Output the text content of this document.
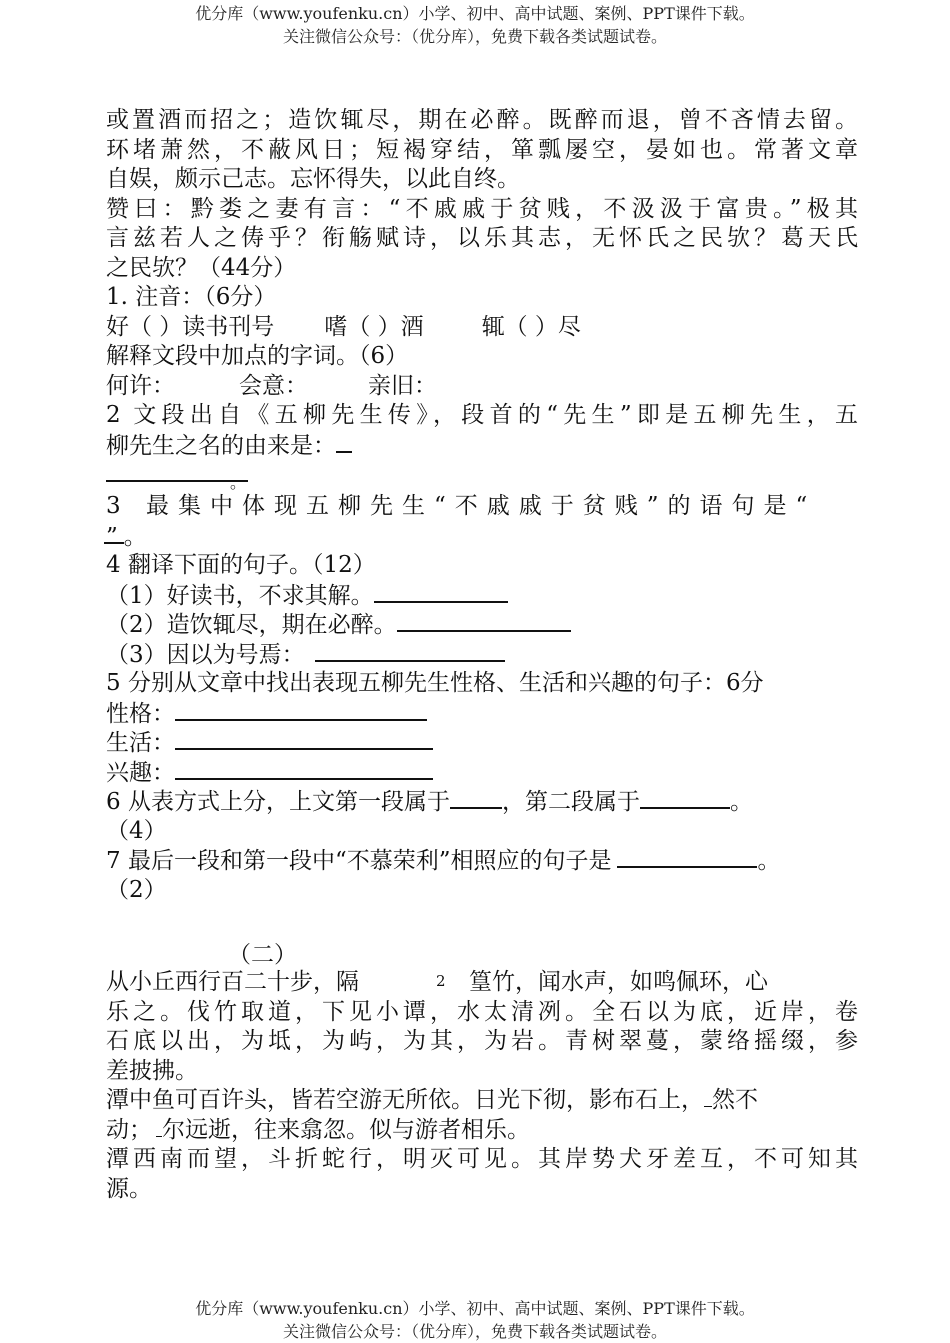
优分库（www.youfenku.cn）小学、初中、高中试题、案例、PPT课件下载。
关注微信公众号：（优分库），免费下载各类试题试卷。
或置酒而招之；造饮辄尽，期在必醉。既醉而退，曾不吝情去留。
环堵萧然，不蔽风日；短褐穿结，箪瓢屡空，晏如也。常著文章
自娱，颇示己志。忘怀得失，以此自终。
赞曰：黔娄之妻有言：“不戚戚于贫贱，不汲汲于富贵。”极其
言兹若人之俦乎？衔觞赋诗，以乐其志，无怀氏之民欤？葛天氏
之民欤？（44分）
1. 注音：（6分）
好（ ）读书刊号 嗜（ ）酒	辄（ ）尽
解释文段中加点的字词。（6）
何许：	会意：	亲旧：
2 文段出自《五柳先生传》，段首的“先生”即是五柳先生，五
柳先生之名的由来是：
$_。$
3 最集中体现五柳先生“不戚戚于贫贱”的语句是“
” 。
4 翻译下面的句子。（12）
（1）好读书，不求其解。
（2）造饮辄尽，期在必醉。
（3）因以为号焉：
5 分别从文章中找出表现五柳先生性格、生活和兴趣的句子：6分
性格：
生活：
兴趣：
6 从表方式上分，上文第一段属于 ，第二段属于	。
（4）
7 最后一段和第一段中“不慕荣利”相照应的句子是	。
（2）
（二）
从小丘西行百二十步，隔	篁竹，闻水声，如鸣佩环，心
乐之。伐竹取道，下见小谭，水太清冽。全石以为底，近岸，卷
石底以出，为坻，为屿，为其，为岩。青树翠蔓，蒙络摇缀，参
差披拂。
潭中鱼可百许头，皆若空游无所依。日光下彻，影布石上， 然不
动； 尔远逝，往来翕忽。似与游者相乐。
潭西南而望，斗折蛇行，明灭可见。其岸势犬牙差互，不可知其
源。
2
优分库（www.youfenku.cn）小学、初中、高中试题、案例、PPT课件下载。
关注微信公众号：（优分库），免费下载各类试题试卷。
